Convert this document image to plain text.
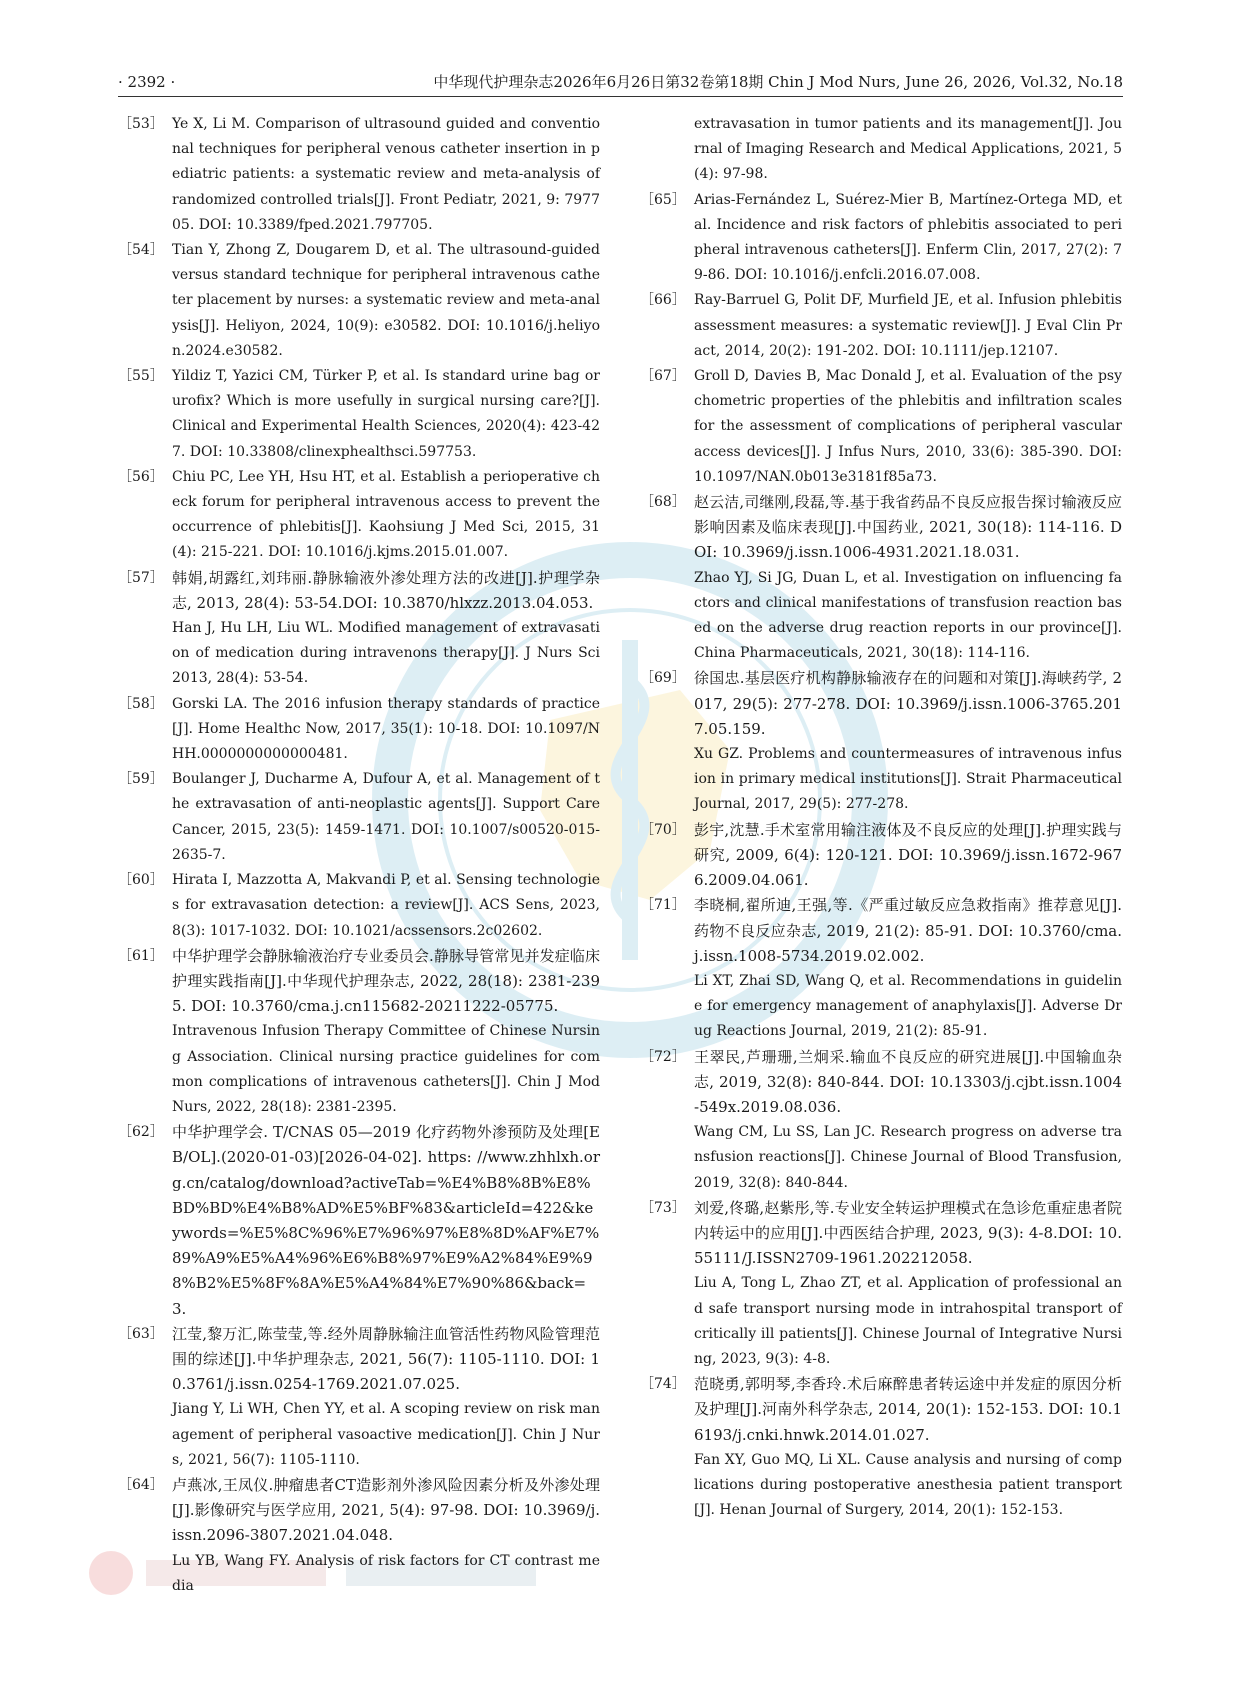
· 2392 ·	中华现代护理杂志2026年6月26日第32卷第18期 Chin J Mod Nurs, June 26, 2026, Vol.32, No.18
［53］ Ye X, Li M. Comparison of ultrasound guided and conventional techniques for peripheral venous catheter insertion in pediatric patients: a systematic review and meta-analysis of randomized controlled trials[J]. Front Pediatr, 2021, 9: 797705. DOI: 10.3389/fped.2021.797705.

［54］ Tian Y, Zhong Z, Dougarem D, et al. The ultrasound-guided versus standard technique for peripheral intravenous catheter placement by nurses: a systematic review and meta-analysis[J]. Heliyon, 2024, 10(9): e30582. DOI: 10.1016/j.heliyon.2024.e30582.

［55］ Yildiz T, Yazici CM, Türker P, et al. Is standard urine bag or urofix? Which is more usefully in surgical nursing care?[J]. Clinical and Experimental Health Sciences, 2020(4): 423-427. DOI: 10.33808/clinexphealthsci.597753.

［56］ Chiu PC, Lee YH, Hsu HT, et al. Establish a perioperative check forum for peripheral intravenous access to prevent the occurrence of phlebitis[J]. Kaohsiung J Med Sci, 2015, 31(4): 215-221. DOI: 10.1016/j.kjms.2015.01.007.

［57］ 韩娟,胡露红,刘玮丽.静脉输液外渗处理方法的改进[J].护理学杂志, 2013, 28(4): 53-54.DOI: 10.3870/hlxzz.2013.04.053.

Han J, Hu LH, Liu WL. Modified management of extravasation of medication during intravenons therapy[J]. J Nurs Sci 2013, 28(4): 53-54.

［58］ Gorski LA. The 2016 infusion therapy standards of practice[J]. Home Healthc Now, 2017, 35(1): 10-18. DOI: 10.1097/NHH.0000000000000481.

［59］ Boulanger J, Ducharme A, Dufour A, et al. Management of the extravasation of anti-neoplastic agents[J]. Support Care Cancer, 2015, 23(5): 1459-1471. DOI: 10.1007/s00520-015-2635-7.

［60］ Hirata I, Mazzotta A, Makvandi P, et al. Sensing technologies for extravasation detection: a review[J]. ACS Sens, 2023, 8(3): 1017-1032. DOI: 10.1021/acssensors.2c02602.

［61］ 中华护理学会静脉输液治疗专业委员会.静脉导管常见并发症临床护理实践指南[J].中华现代护理杂志, 2022, 28(18): 2381-2395. DOI: 10.3760/cma.j.cn115682-20211222-05775.

Intravenous Infusion Therapy Committee of Chinese Nursing Association. Clinical nursing practice guidelines for common complications of intravenous catheters[J]. Chin J Mod Nurs, 2022, 28(18): 2381-2395.

［62］ 中华护理学会. T/CNAS 05—2019 化疗药物外渗预防及处理[EB/OL].(2020-01-03)[2026-04-02]. https: //www.zhhlxh.org.cn/catalog/download?activeTab=%E4%B8%8B%E8%BD%BD%E4%B8%AD%E5%BF%83&articleId=422&keywords=%E5%8C%96%E7%96%97%E8%8D%AF%E7%89%A9%E5%A4%96%E6%B8%97%E9%A2%84%E9%98%B2%E5%8F%8A%E5%A4%84%E7%90%86&back=3.

［63］ 江莹,黎万汇,陈莹莹,等.经外周静脉输注血管活性药物风险管理范围的综述[J].中华护理杂志, 2021, 56(7): 1105-1110. DOI: 10.3761/j.issn.0254-1769.2021.07.025.

Jiang Y, Li WH, Chen YY, et al. A scoping review on risk management of peripheral vasoactive medication[J]. Chin J Nurs, 2021, 56(7): 1105-1110.

［64］ 卢燕冰,王凤仪.肿瘤患者CT造影剂外渗风险因素分析及外渗处理[J].影像研究与医学应用, 2021, 5(4): 97-98. DOI: 10.3969/j.issn.2096-3807.2021.04.048.

Lu YB, Wang FY. Analysis of risk factors for CT contrast media

extravasation in tumor patients and its management[J]. Journal of Imaging Research and Medical Applications, 2021, 5(4): 97-98.

［65］ Arias-Fernández L, Suérez-Mier B, Martínez-Ortega MD, et al. Incidence and risk factors of phlebitis associated to peripheral intravenous catheters[J]. Enferm Clin, 2017, 27(2): 79-86. DOI: 10.1016/j.enfcli.2016.07.008.

［66］ Ray-Barruel G, Polit DF, Murfield JE, et al. Infusion phlebitis assessment measures: a systematic review[J]. J Eval Clin Pract, 2014, 20(2): 191-202. DOI: 10.1111/jep.12107.

［67］ Groll D, Davies B, Mac Donald J, et al. Evaluation of the psychometric properties of the phlebitis and infiltration scales for the assessment of complications of peripheral vascular access devices[J]. J Infus Nurs, 2010, 33(6): 385-390. DOI: 10.1097/NAN.0b013e3181f85a73.

［68］ 赵云洁,司继刚,段磊,等.基于我省药品不良反应报告探讨输液反应影响因素及临床表现[J].中国药业, 2021, 30(18): 114-116. DOI: 10.3969/j.issn.1006-4931.2021.18.031.

Zhao YJ, Si JG, Duan L, et al. Investigation on influencing factors and clinical manifestations of transfusion reaction based on the adverse drug reaction reports in our province[J]. China Pharmaceuticals, 2021, 30(18): 114-116.

［69］ 徐国忠.基层医疗机构静脉输液存在的问题和对策[J].海峡药学, 2017, 29(5): 277-278. DOI: 10.3969/j.issn.1006-3765.2017.05.159.

Xu GZ. Problems and countermeasures of intravenous infusion in primary medical institutions[J]. Strait Pharmaceutical Journal, 2017, 29(5): 277-278.

［70］ 彭宇,沈慧.手术室常用输注液体及不良反应的处理[J].护理实践与研究, 2009, 6(4): 120-121. DOI: 10.3969/j.issn.1672-9676.2009.04.061.

［71］ 李晓桐,翟所迪,王强,等.《严重过敏反应急救指南》推荐意见[J].药物不良反应杂志, 2019, 21(2): 85-91. DOI: 10.3760/cma.j.issn.1008-5734.2019.02.002.

Li XT, Zhai SD, Wang Q, et al. Recommendations in guideline for emergency management of anaphylaxis[J]. Adverse Drug Reactions Journal, 2019, 21(2): 85-91.

［72］ 王翠民,芦珊珊,兰炯采.输血不良反应的研究进展[J].中国输血杂志, 2019, 32(8): 840-844. DOI: 10.13303/j.cjbt.issn.1004-549x.2019.08.036.

Wang CM, Lu SS, Lan JC. Research progress on adverse transfusion reactions[J]. Chinese Journal of Blood Transfusion, 2019, 32(8): 840-844.

［73］ 刘爱,佟璐,赵紫彤,等.专业安全转运护理模式在急诊危重症患者院内转运中的应用[J].中西医结合护理, 2023, 9(3): 4-8.DOI: 10.55111/J.ISSN2709-1961.202212058.

Liu A, Tong L, Zhao ZT, et al. Application of professional and safe transport nursing mode in intrahospital transport of critically ill patients[J]. Chinese Journal of Integrative Nursing, 2023, 9(3): 4-8.

［74］ 范晓勇,郭明琴,李香玲.术后麻醉患者转运途中并发症的原因分析及护理[J].河南外科学杂志, 2014, 20(1): 152-153. DOI: 10.16193/j.cnki.hnwk.2014.01.027.

Fan XY, Guo MQ, Li XL. Cause analysis and nursing of complications during postoperative anesthesia patient transport[J]. Henan Journal of Surgery, 2014, 20(1): 152-153.
